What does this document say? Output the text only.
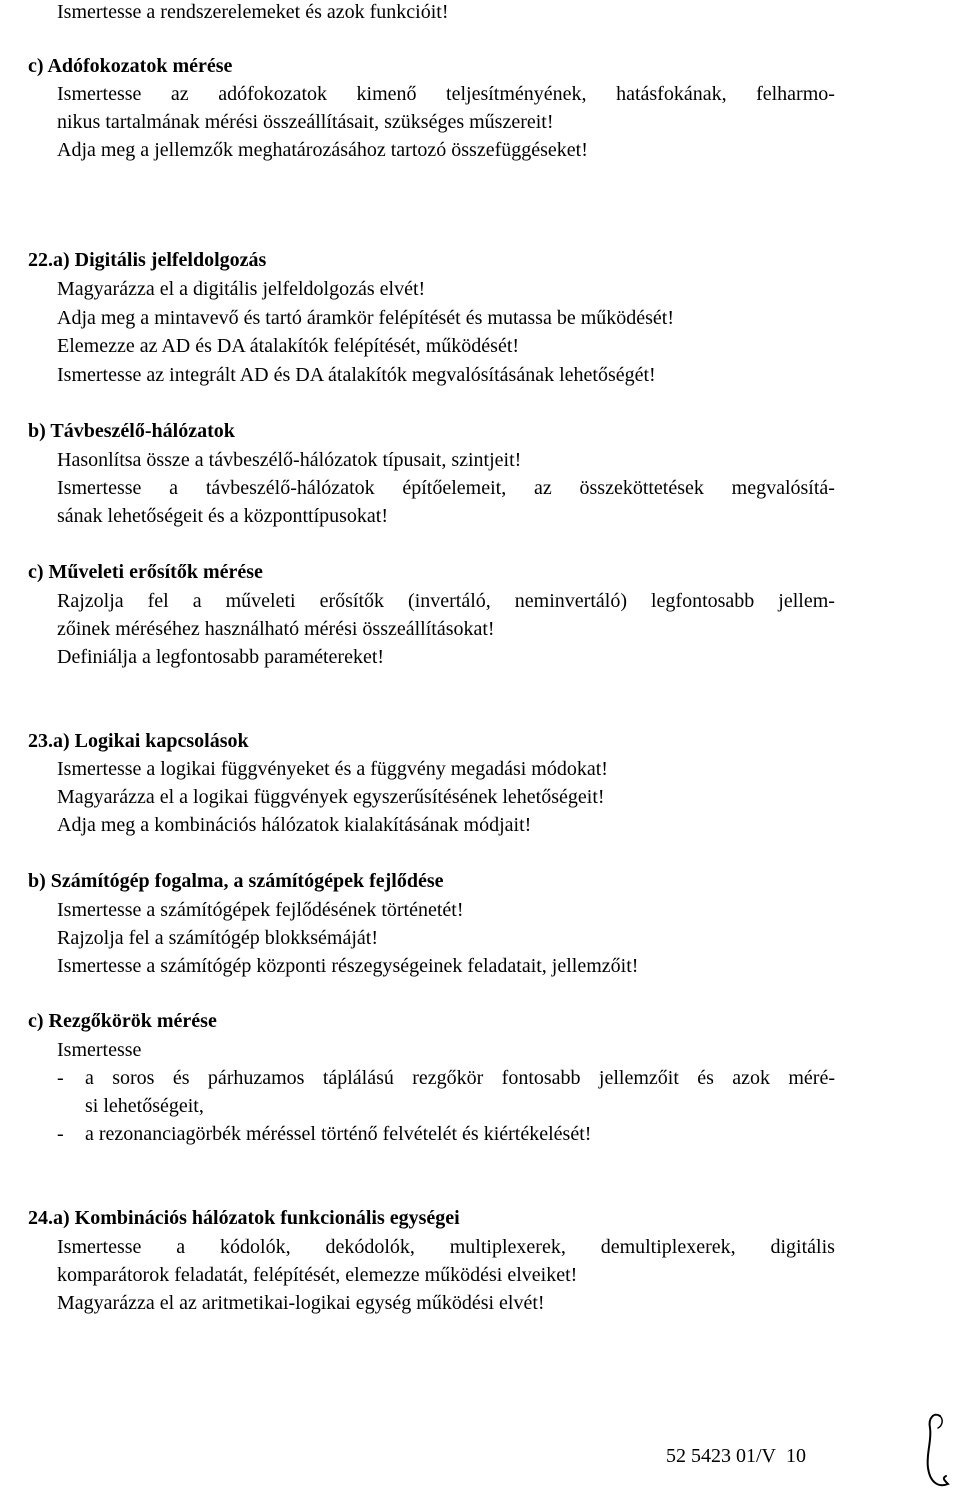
Ismertesse a rendszerelemeket és azok funkcióit!
c) Adófokozatok mérése
Ismertesse az adófokozatok kimenő teljesítményének, hatásfokának, felharmo-
nikus tartalmának mérési összeállításait, szükséges műszereit!
Adja meg a jellemzők meghatározásához tartozó összefüggéseket!
22.a) Digitális jelfeldolgozás
Magyarázza el a digitális jelfeldolgozás elvét!
Adja meg a mintavevő és tartó áramkör felépítését és mutassa be működését!
Elemezze az AD és DA átalakítók felépítését, működését!
Ismertesse az integrált AD és DA átalakítók megvalósításának lehetőségét!
b) Távbeszélő-hálózatok
Hasonlítsa össze a távbeszélő-hálózatok típusait, szintjeit!
Ismertesse a távbeszélő-hálózatok építőelemeit, az összeköttetések megvalósítá-
sának lehetőségeit és a központtípusokat!
c) Műveleti erősítők mérése
Rajzolja fel a műveleti erősítők (invertáló, neminvertáló) legfontosabb jellem-
zőinek méréséhez használható mérési összeállításokat!
Definiálja a legfontosabb paramétereket!
23.a) Logikai kapcsolások
Ismertesse a logikai függvényeket és a függvény megadási módokat!
Magyarázza el a logikai függvények egyszerűsítésének lehetőségeit!
Adja meg a kombinációs hálózatok kialakításának módjait!
b) Számítógép fogalma, a számítógépek fejlődése
Ismertesse a számítógépek fejlődésének történetét!
Rajzolja fel a számítógép blokksémáját!
Ismertesse a számítógép központi részegységeinek feladatait, jellemzőit!
c) Rezgőkörök mérése
Ismertesse
- a soros és párhuzamos táplálású rezgőkör fontosabb jellemzőit és azok méré-
si lehetőségeit,
- a rezonanciagörbék méréssel történő felvételét és kiértékelését!
24.a) Kombinációs hálózatok funkcionális egységei
Ismertesse a kódolók, dekódolók, multiplexerek, demultiplexerek, digitális
komparátorok feladatát, felépítését, elemezze működési elveiket!
Magyarázza el az aritmetikai-logikai egység működési elvét!
52 5423 01/V 10
